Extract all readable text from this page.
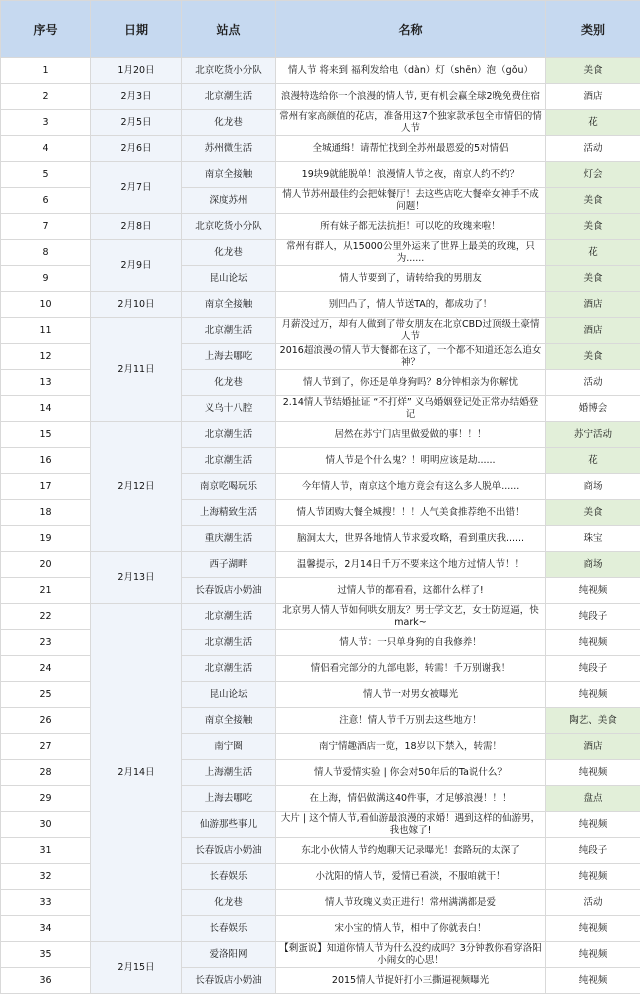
序号	日期	站点	名称	类别
1	1月20日	北京吃货小分队	情人节 将来到 福利发给电（dàn）灯（shēn）泡（gǒu）	美食
2	2月3日	北京潮生活	浪漫特选给你一个浪漫的情人节, 更有机会赢全球2晚免费住宿	酒店
3	2月5日	化龙巷	常州有家高颜值的花店，准备用这7个独家款承包全市情侣的情人节	花
4	2月6日	苏州微生活	全城通缉！请帮忙找到全苏州最恩爱的5对情侣	活动
5	2月7日	南京全接触	19块9就能脱单！浪漫情人节之夜，南京人约不约？	灯会
6		深度苏州	情人节苏州最佳约会把妹餐厅！去这些店吃大餐牵女神手不成问题！	美食
7	2月8日	北京吃货小分队	所有妹子都无法抗拒！可以吃的玫瑰来啦！	美食
8	2月9日	化龙巷	常州有群人，从15000公里外运来了世界上最美的玫瑰，只为......	花
9		昆山论坛	情人节要到了，请转给我的男朋友	美食
10	2月10日	南京全接触	别凹凸了，情人节送TA的，都成功了！	酒店
11	2月11日	北京潮生活	月薪没过万，却有人做到了带女朋友在北京CBD过顶级土豪情人节	酒店
12		上海去哪吃	2016超浪漫の情人节大餐都在这了，一个都不知道还怎么追女神？	美食
13		化龙巷	情人节到了，你还是单身狗吗？8分钟相亲为你解忧	活动
14		义乌十八腔	2.14情人节结婚扯证 “不打烊” 义乌婚姻登记处正常办结婚登记	婚博会
15	2月12日	北京潮生活	居然在苏宁门店里做爱做的事！！！	苏宁活动
16		北京潮生活	情人节是个什么鬼？！明明应该是劫......	花
17		南京吃喝玩乐	今年情人节，南京这个地方竟会有这么多人脱单......	商场
18		上海精致生活	情人节团购大餐全城搜！！！人气美食推荐绝不出错！	美食
19		重庆潮生活	脑洞太大，世界各地情人节求爱攻略，看到重庆我......	珠宝
20	2月13日	西子湖畔	温馨提示，2月14日千万不要来这个地方过情人节！！	商场
21		长春饭店小奶油	过情人节的都看看，这都什么样了!	纯视频
22	2月14日	北京潮生活	北京男人情人节如何哄女朋友？男士学文艺，女士防逗逼，快mark~	纯段子
23		北京潮生活	情人节：一只单身狗的自我修养！	纯视频
24		北京潮生活	情侣看完部分的九部电影，转需！千万别谢我！	纯段子
25		昆山论坛	情人节一对男女被曝光	纯视频
26		南京全接触	注意！情人节千万别去这些地方！	陶艺、美食
27		南宁圈	南宁情趣酒店一览，18岁以下禁入，转需！	酒店
28		上海潮生活	情人节爱情实验 | 你会对50年后的Ta说什么？	纯视频
29		上海去哪吃	在上海，情侣做满这40件事，才足够浪漫！！！	盘点
30		仙游那些事儿	大片 | 这个情人节,看仙游最浪漫的求婚！遇到这样的仙游男，我也嫁了!	纯视频
31		长春饭店小奶油	东北小伙情人节约炮聊天记录曝光！套路玩的太深了	纯段子
32		长春娱乐	小沈阳的情人节，爱情已看淡，不服咱就干！	纯视频
33		化龙巷	情人节玫瑰义卖正进行！常州满满都是爱	活动
34		长春娱乐	宋小宝的情人节，相中了你就表白！	纯视频
35	2月15日	爱洛阳网	【剩蛋说】知道你情人节为什么没约成吗？3分钟教你看穿洛阳小闹女的心思！	纯视频
36		长春饭店小奶油	2015情人节捉奸打小三撕逼视频曝光	纯视频
